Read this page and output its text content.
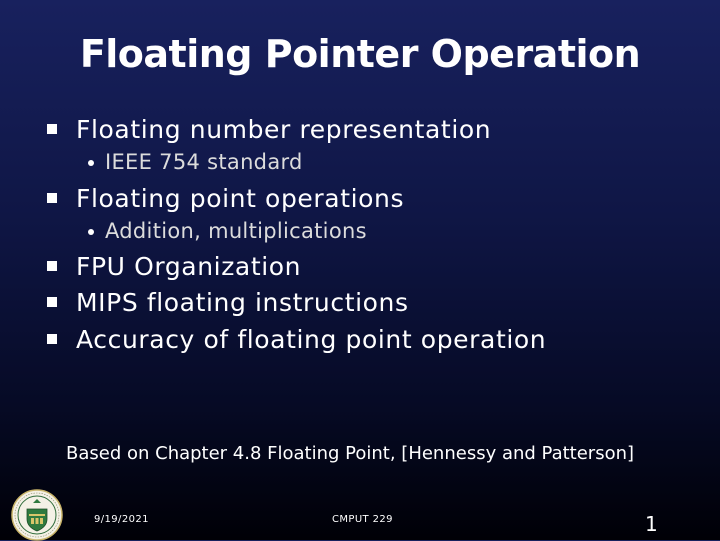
Floating Pointer Operation
Floating number representation
IEEE 754 standard
Floating point operations
Addition, multiplications
FPU Organization
MIPS floating instructions
Accuracy of floating point operation
Based on Chapter 4.8 Floating Point, [Hennessy and Patterson]
9/19/2021	CMPUT 229	1
